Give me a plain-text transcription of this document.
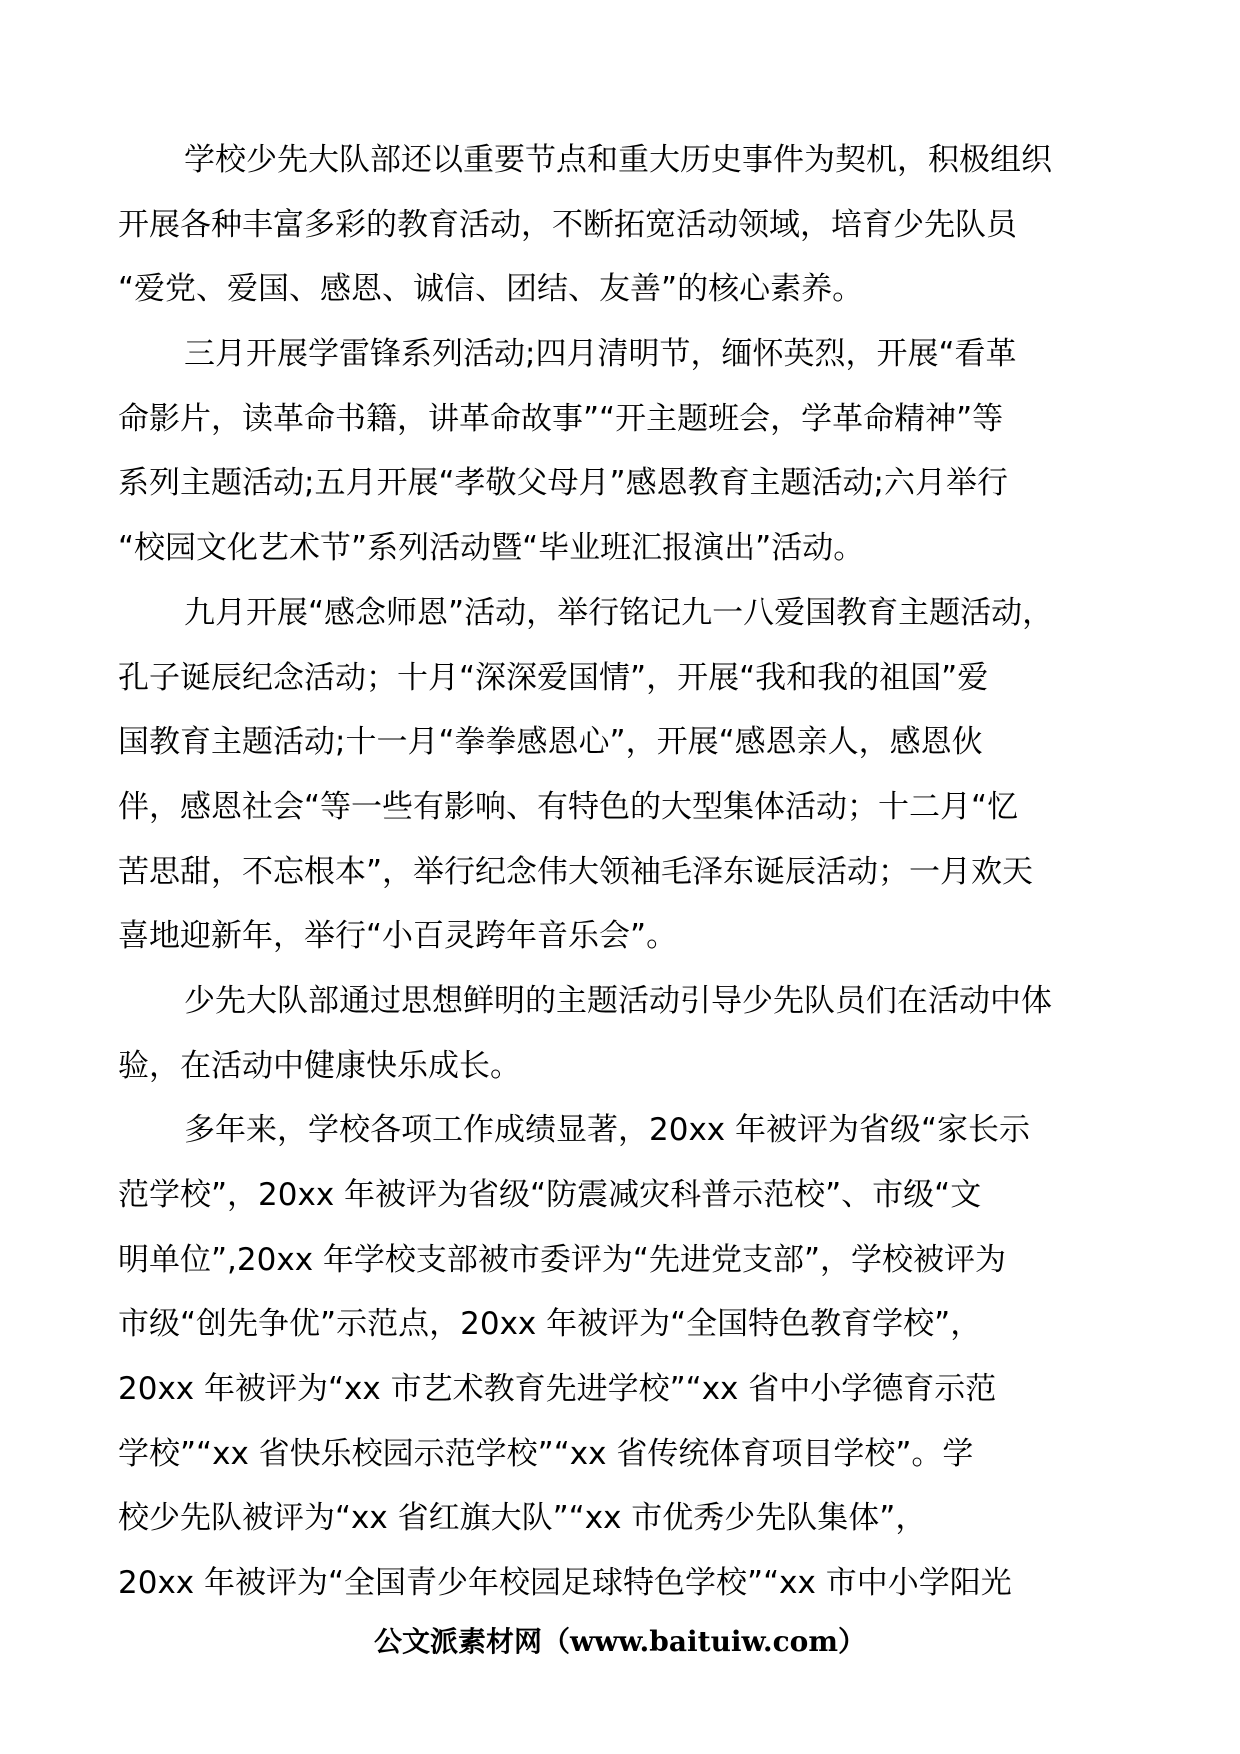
学校少先大队部还以重要节点和重大历史事件为契机，积极组织
开展各种丰富多彩的教育活动，不断拓宽活动领域，培育少先队员
“爱党、爱国、感恩、诚信、团结、友善”的核心素养。
三月开展学雷锋系列活动;四月清明节，缅怀英烈，开展“看革
命影片，读革命书籍，讲革命故事”“开主题班会，学革命精神”等
系列主题活动;五月开展“孝敬父母月”感恩教育主题活动;六月举行
“校园文化艺术节”系列活动暨“毕业班汇报演出”活动。
九月开展“感念师恩”活动，举行铭记九一八爱国教育主题活动，
孔子诞辰纪念活动；十月“深深爱国情”，开展“我和我的祖国”爱
国教育主题活动;十一月“拳拳感恩心”，开展“感恩亲人，感恩伙
伴，感恩社会“等一些有影响、有特色的大型集体活动；十二月“忆
苦思甜，不忘根本”，举行纪念伟大领袖毛泽东诞辰活动；一月欢天
喜地迎新年，举行“小百灵跨年音乐会”。
少先大队部通过思想鲜明的主题活动引导少先队员们在活动中体
验，在活动中健康快乐成长。
多年来，学校各项工作成绩显著，20xx 年被评为省级“家长示
范学校”，20xx 年被评为省级“防震减灾科普示范校”、市级“文
明单位”,20xx 年学校支部被市委评为“先进党支部”，学校被评为
市级“创先争优”示范点，20xx 年被评为“全国特色教育学校”，
20xx 年被评为“xx 市艺术教育先进学校”“xx 省中小学德育示范
学校”“xx 省快乐校园示范学校”“xx 省传统体育项目学校”。学
校少先队被评为“xx 省红旗大队”“xx 市优秀少先队集体”，
20xx 年被评为“全国青少年校园足球特色学校”“xx 市中小学阳光
公文派素材网（www.baituiw.com）
